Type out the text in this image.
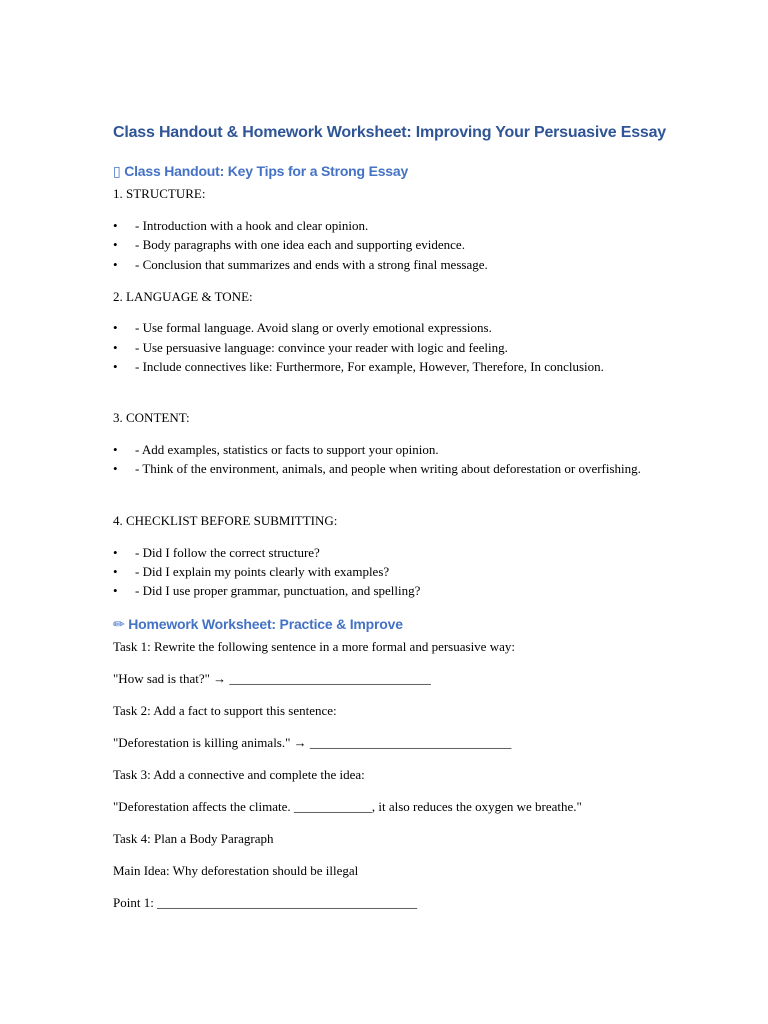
Class Handout & Homework Worksheet: Improving Your Persuasive Essay
▯ Class Handout: Key Tips for a Strong Essay
1. STRUCTURE:
• - Introduction with a hook and clear opinion.
• - Body paragraphs with one idea each and supporting evidence.
• - Conclusion that summarizes and ends with a strong final message.
2. LANGUAGE & TONE:
• - Use formal language. Avoid slang or overly emotional expressions.
• - Use persuasive language: convince your reader with logic and feeling.
• - Include connectives like: Furthermore, For example, However, Therefore, In conclusion.
3. CONTENT:
• - Add examples, statistics or facts to support your opinion.
• - Think of the environment, animals, and people when writing about deforestation or overfishing.
4. CHECKLIST BEFORE SUBMITTING:
• - Did I follow the correct structure?
• - Did I explain my points clearly with examples?
• - Did I use proper grammar, punctuation, and spelling?
✏ Homework Worksheet: Practice & Improve
Task 1: Rewrite the following sentence in a more formal and persuasive way:
"How sad is that?" → _______________________________
Task 2: Add a fact to support this sentence:
"Deforestation is killing animals." → _______________________________
Task 3: Add a connective and complete the idea:
"Deforestation affects the climate. ____________, it also reduces the oxygen we breathe."
Task 4: Plan a Body Paragraph
Main Idea: Why deforestation should be illegal
Point 1: ________________________________________
